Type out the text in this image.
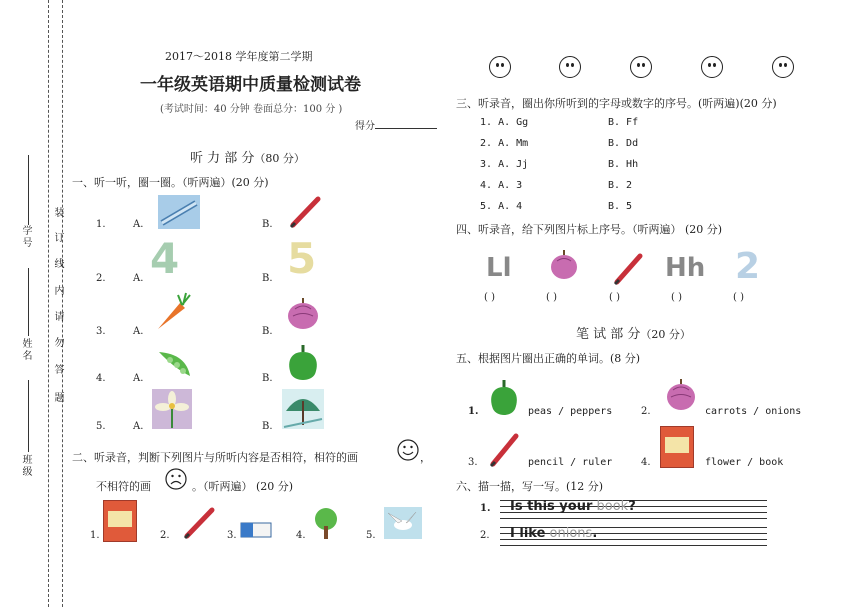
装
订
线
内
请
勿
答
题
学号
姓名
班级
2017～2018 学年度第二学期
一年级英语期中质量检测试卷
(考试时间：40 分钟 卷面总分：100 分 )
得分
听 力 部 分（80 分）
一、听一听，圈一圈。（听两遍）(20 分)
1.	A.	B.
2.	A. 4	B. 5
3.	A.	B.
4.	A.	B.
5.	A.	B.
二、听录音，判断下列图片与所听内容是否相符，相符的画	，
不相符的画	。（听两遍） (20 分)
1.	2.	3.	4.	5.
三、听录音，圈出你所听到的字母或数字的序号。(听两遍)(20 分)
1. A. Gg	B. Ff
2. A. Mm	B. Dd
3. A. Jj	B. Hh
4. A. 3	B. 2
5. A. 4	B. 5
四、听录音，给下列图片标上序号。（听两遍） (20 分)
Ll	Hh 2
( )	( )	( )	( )	( )
笔 试 部 分（20 分）
五、根据图片圈出正确的单词。(8 分)
1.	peas / peppers	2.	carrots / onions
3.	pencil / ruler	4.	flower / book
六、描一描，写一写。(12 分)
1. Is this your book?
2. I like onions.
